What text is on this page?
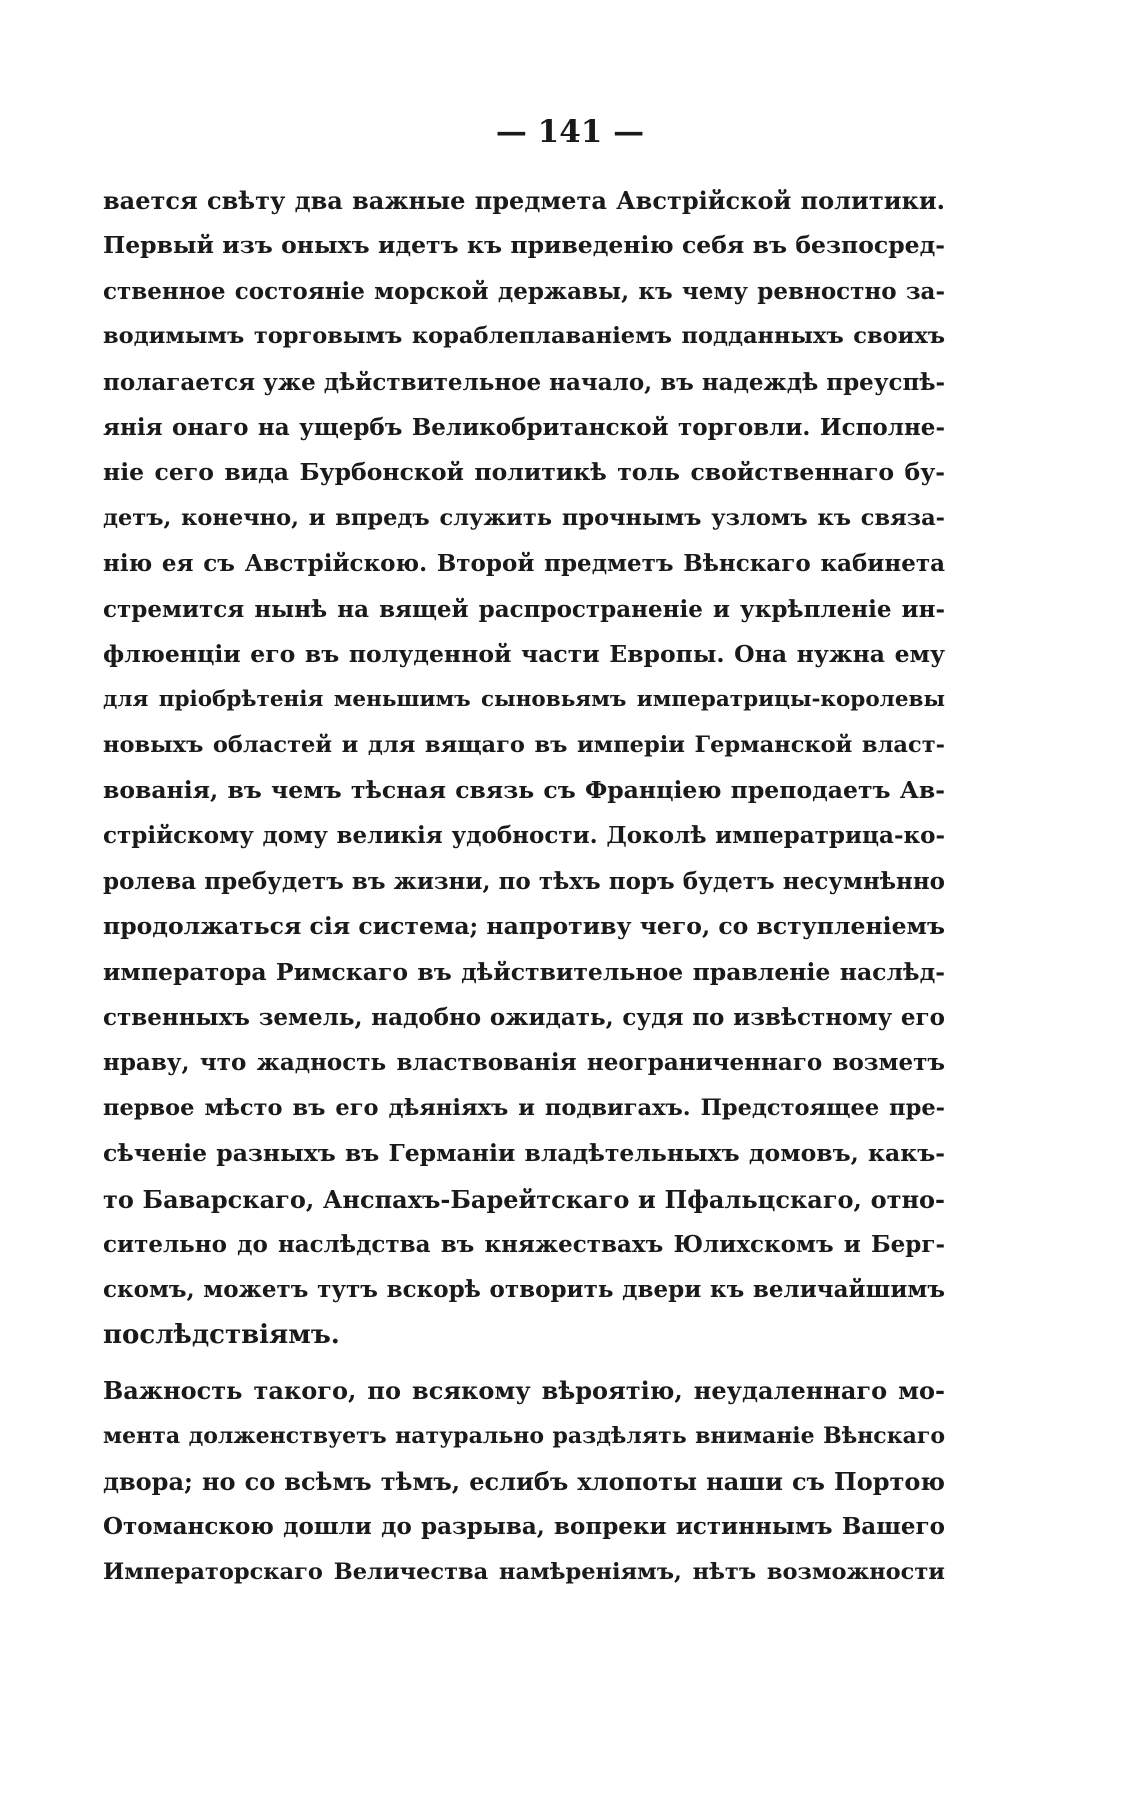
— 141 —
вается свѣту два важные предмета Австрійской политики.
Первый изъ оныхъ идетъ къ приведенію себя въ безпосред-
ственное состояніе морской державы, къ чему ревностно за-
водимымъ торговымъ кораблеплаваніемъ подданныхъ своихъ
полагается уже дѣйствительное начало, въ надеждѣ преуспѣ-
янія онаго на ущербъ Великобританской торговли. Исполне-
ніе сего вида Бурбонской политикѣ толь свойственнаго бу-
детъ, конечно, и впредъ служить прочнымъ узломъ къ связа-
нію ея съ Австрійскою. Второй предметъ Вѣнскаго кабинета
стремится нынѣ на вящей распространеніе и укрѣпленіе ин-
флюенціи его въ полуденной части Европы. Она нужна ему
для пріобрѣтенія меньшимъ сыновьямъ императрицы-королевы
новыхъ областей и для вящаго въ имперіи Германской власт-
вованія, въ чемъ тѣсная связь съ Франціею преподаетъ Ав-
стрійскому дому великія удобности. Доколѣ императрица-ко-
ролева пребудетъ въ жизни, по тѣхъ поръ будетъ несумнѣнно
продолжаться сія система; напротиву чего, со вступленіемъ
императора Римскаго въ дѣйствительное правленіе наслѣд-
ственныхъ земель, надобно ожидать, судя по извѣстному его
нраву, что жадность властвованія неограниченнаго возметъ
первое мѣсто въ его дѣяніяхъ и подвигахъ. Предстоящее пре-
сѣченіе разныхъ въ Германіи владѣтельныхъ домовъ, какъ-
то Баварскаго, Анспахъ-Барейтскаго и Пфальцскаго, отно-
сительно до наслѣдства въ княжествахъ Юлихскомъ и Берг-
скомъ, можетъ тутъ вскорѣ отворить двери къ величайшимъ
послѣдствіямъ.
Важность такого, по всякому вѣроятію, неудаленнаго мо-
мента долженствуетъ натурально раздѣлять вниманіе Вѣнскаго
двора; но со всѣмъ тѣмъ, еслибъ хлопоты наши съ Портою
Отоманскою дошли до разрыва, вопреки истиннымъ Вашего
Императорскаго Величества намѣреніямъ, нѣтъ возможности
